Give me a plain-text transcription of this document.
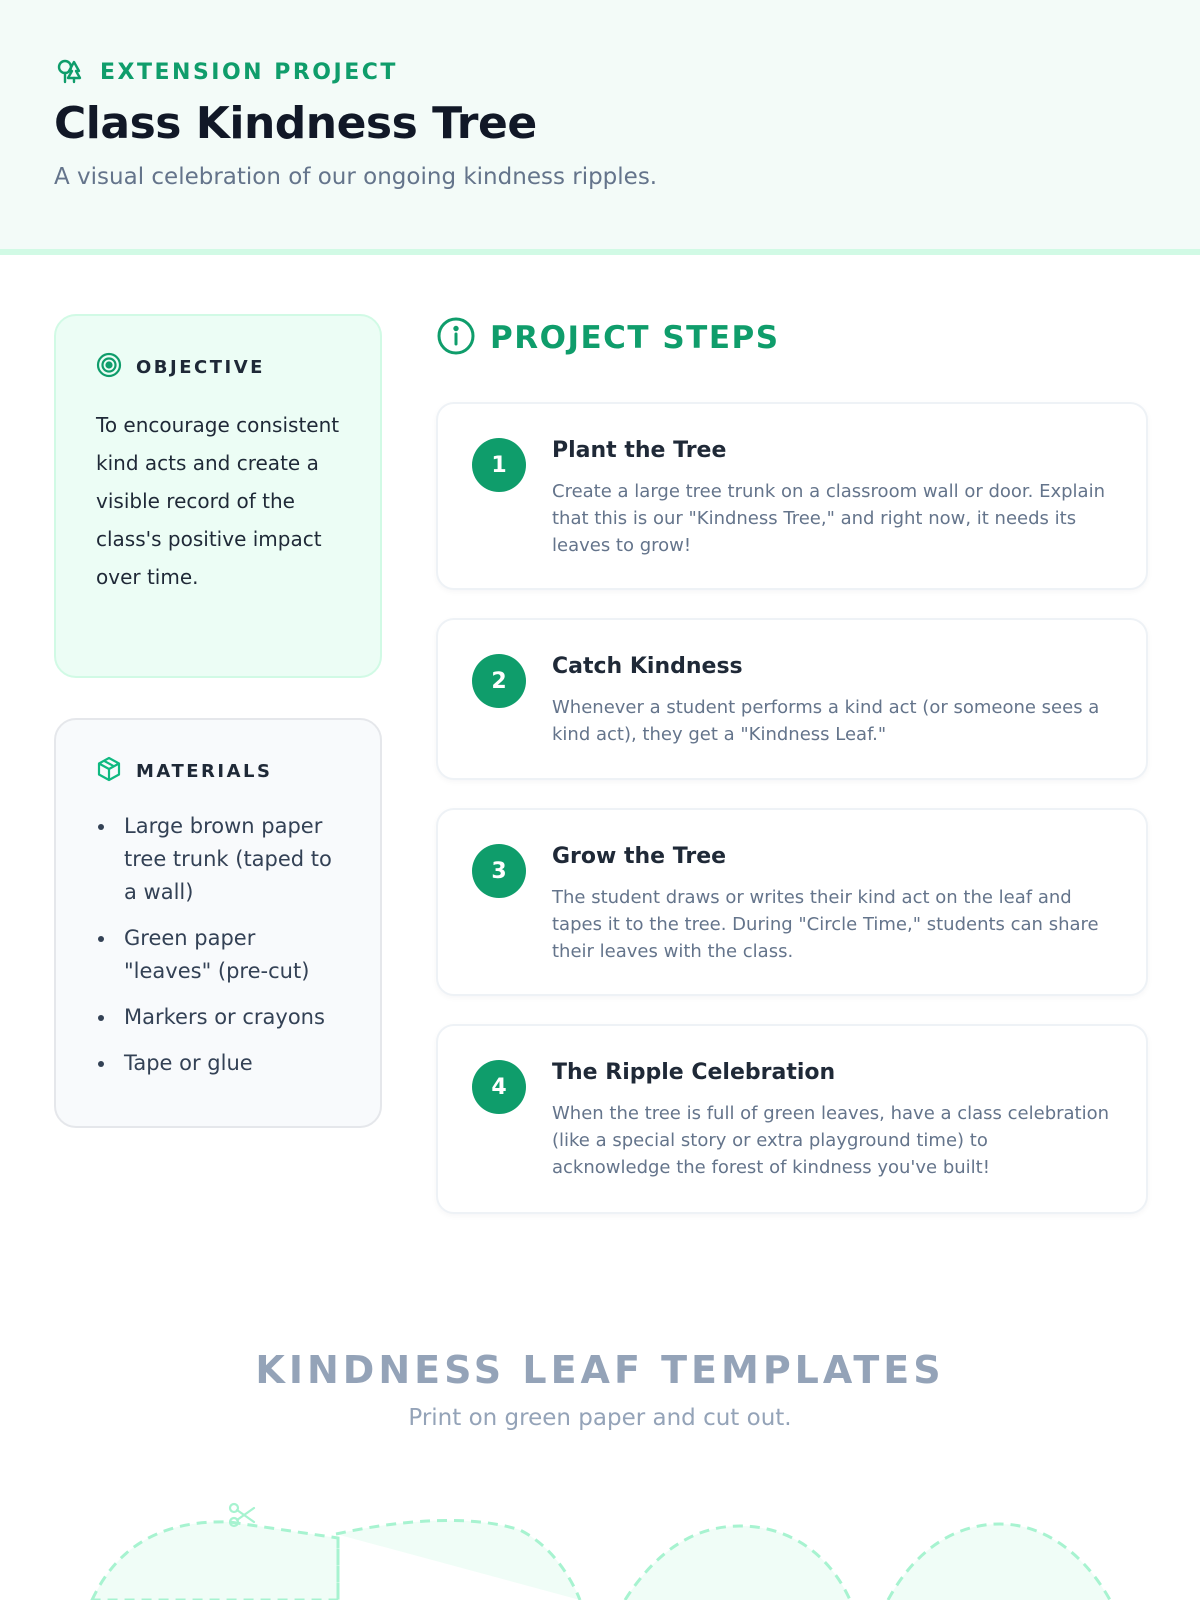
EXTENSION PROJECT
Class Kindness Tree

A visual celebration of our ongoing kindness ripples.

OBJECTIVE

To encourage consistent kind acts and create a visible record of the class's positive impact over time.

MATERIALS
Large brown paper tree trunk (taped to a wall)
Green paper "leaves" (pre-cut)
Markers or crayons
Tape or glue
PROJECT STEPS
1
Plant the Tree

Create a large tree trunk on a classroom wall or door. Explain that this is our "Kindness Tree," and right now, it needs its leaves to grow!

2
Catch Kindness

Whenever a student performs a kind act (or someone sees a kind act), they get a "Kindness Leaf."

3
Grow the Tree

The student draws or writes their kind act on the leaf and tapes it to the tree. During "Circle Time," students can share their leaves with the class.

4
The Ripple Celebration

When the tree is full of green leaves, have a class celebration (like a special story or extra playground time) to acknowledge the forest of kindness you've built!

KINDNESS LEAF TEMPLATES

Print on green paper and cut out.
